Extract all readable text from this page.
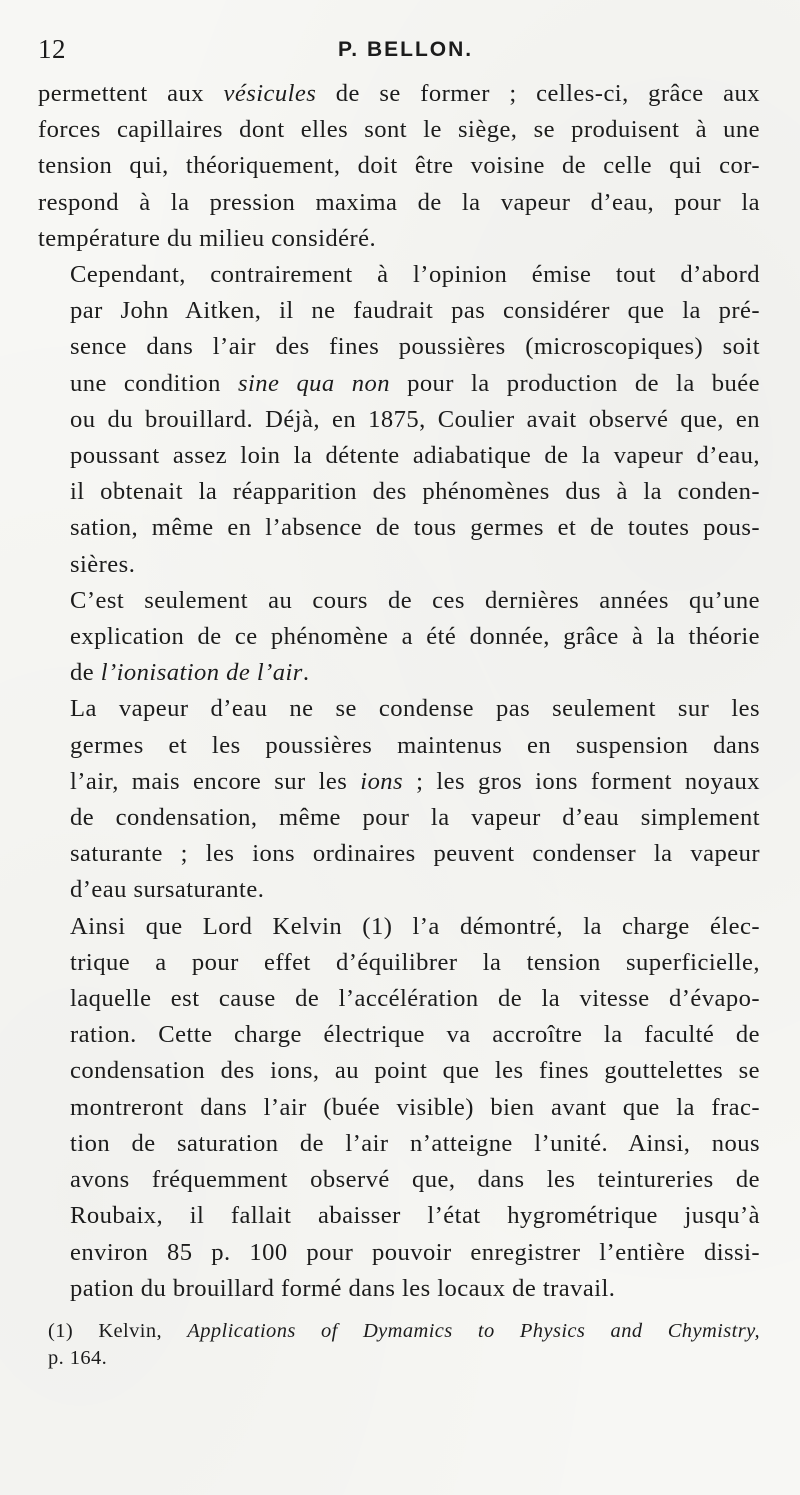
12	P. BELLON.

permettent aux vésicules de se former ; celles-ci, grâce aux
forces capillaires dont elles sont le siège, se produisent à une
tension qui, théoriquement, doit être voisine de celle qui cor-
respond à la pression maxima de la vapeur d’eau, pour la
température du milieu considéré.

Cependant, contrairement à l’opinion émise tout d’abord
par John Aitken, il ne faudrait pas considérer que la pré-
sence dans l’air des fines poussières (microscopiques) soit
une condition sine qua non pour la production de la buée
ou du brouillard. Déjà, en 1875, Coulier avait observé que, en
poussant assez loin la détente adiabatique de la vapeur d’eau,
il obtenait la réapparition des phénomènes dus à la conden-
sation, même en l’absence de tous germes et de toutes pous-
sières.

C’est seulement au cours de ces dernières années qu’une
explication de ce phénomène a été donnée, grâce à la théorie
de l’ionisation de l’air.

La vapeur d’eau ne se condense pas seulement sur les
germes et les poussières maintenus en suspension dans
l’air, mais encore sur les ions ; les gros ions forment noyaux
de condensation, même pour la vapeur d’eau simplement
saturante ; les ions ordinaires peuvent condenser la vapeur
d’eau sursaturante.

Ainsi que Lord Kelvin (1) l’a démontré, la charge élec-
trique a pour effet d’équilibrer la tension superficielle,
laquelle est cause de l’accélération de la vitesse d’évapo-
ration. Cette charge électrique va accroître la faculté de
condensation des ions, au point que les fines gouttelettes se
montreront dans l’air (buée visible) bien avant que la frac-
tion de saturation de l’air n’atteigne l’unité. Ainsi, nous
avons fréquemment observé que, dans les teintureries de
Roubaix, il fallait abaisser l’état hygrométrique jusqu’à
environ 85 p. 100 pour pouvoir enregistrer l’entière dissi-
pation du brouillard formé dans les locaux de travail.

(1) Kelvin, Applications of Dymamics to Physics and Chymistry,
p. 164.
